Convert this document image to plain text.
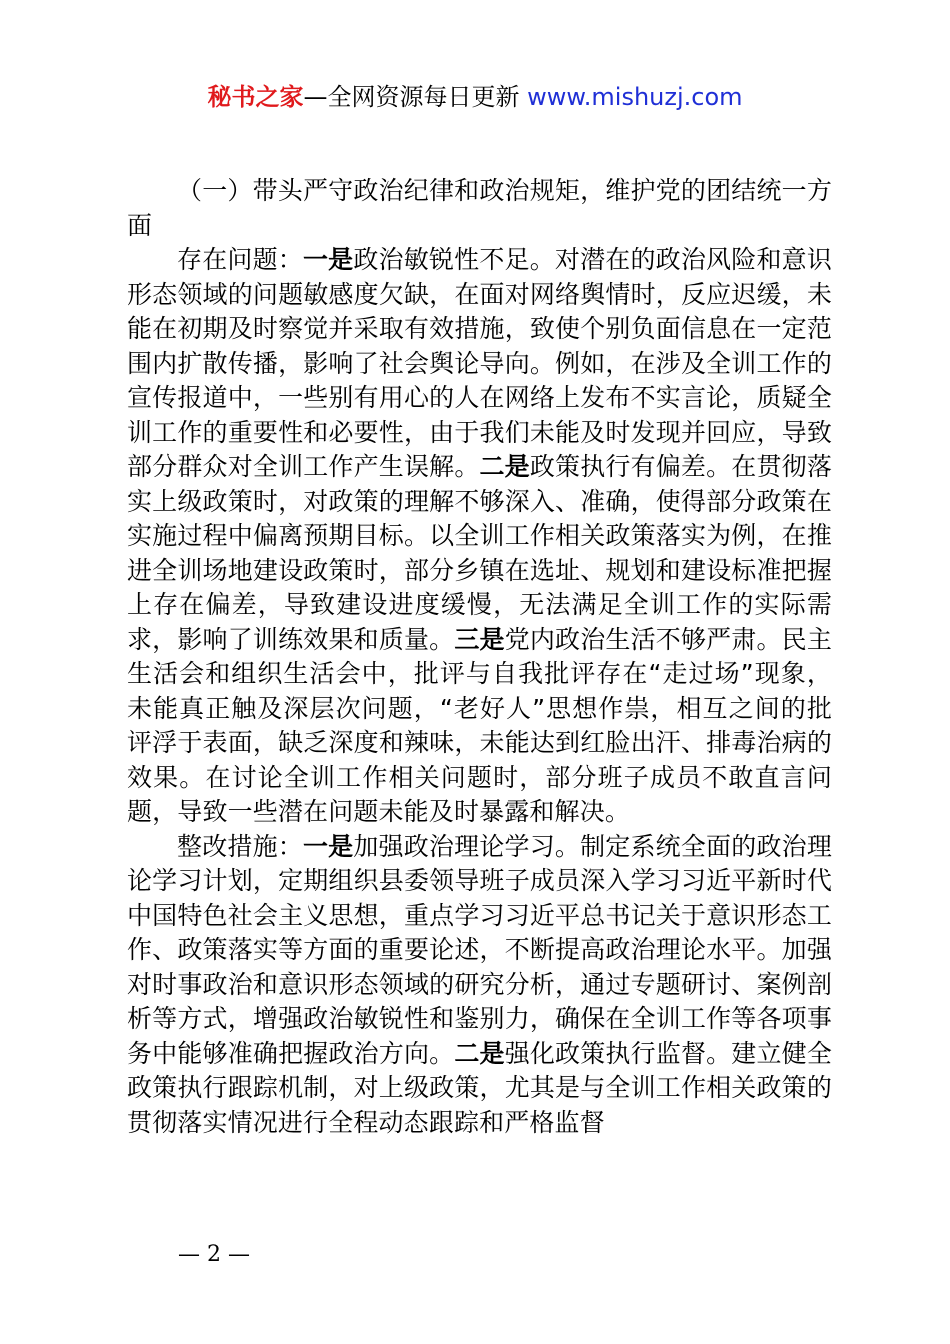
秘书之家—全网资源每日更新 www.mishuzj.com

（一）带头严守政治纪律和政治规矩，维护党的团结统一方面

存在问题：一是政治敏锐性不足。对潜在的政治风险和意识形态领域的问题敏感度欠缺，在面对网络舆情时，反应迟缓，未能在初期及时察觉并采取有效措施，致使个别负面信息在一定范围内扩散传播，影响了社会舆论导向。例如，在涉及全训工作的宣传报道中，一些别有用心的人在网络上发布不实言论，质疑全训工作的重要性和必要性，由于我们未能及时发现并回应，导致部分群众对全训工作产生误解。二是政策执行有偏差。在贯彻落实上级政策时，对政策的理解不够深入、准确，使得部分政策在实施过程中偏离预期目标。以全训工作相关政策落实为例，在推进全训场地建设政策时，部分乡镇在选址、规划和建设标准把握上存在偏差，导致建设进度缓慢，无法满足全训工作的实际需求，影响了训练效果和质量。三是党内政治生活不够严肃。民主生活会和组织生活会中，批评与自我批评存在“走过场”现象，未能真正触及深层次问题，“老好人”思想作祟，相互之间的批评浮于表面，缺乏深度和辣味，未能达到红脸出汗、排毒治病的效果。在讨论全训工作相关问题时，部分班子成员不敢直言问题，导致一些潜在问题未能及时暴露和解决。

整改措施：一是加强政治理论学习。制定系统全面的政治理论学习计划，定期组织县委领导班子成员深入学习习近平新时代中国特色社会主义思想，重点学习习近平总书记关于意识形态工作、政策落实等方面的重要论述，不断提高政治理论水平。加强对时事政治和意识形态领域的研究分析，通过专题研讨、案例剖析等方式，增强政治敏锐性和鉴别力，确保在全训工作等各项事务中能够准确把握政治方向。二是强化政策执行监督。建立健全政策执行跟踪机制，对上级政策，尤其是与全训工作相关政策的贯彻落实情况进行全程动态跟踪和严格监督

— 2 —
